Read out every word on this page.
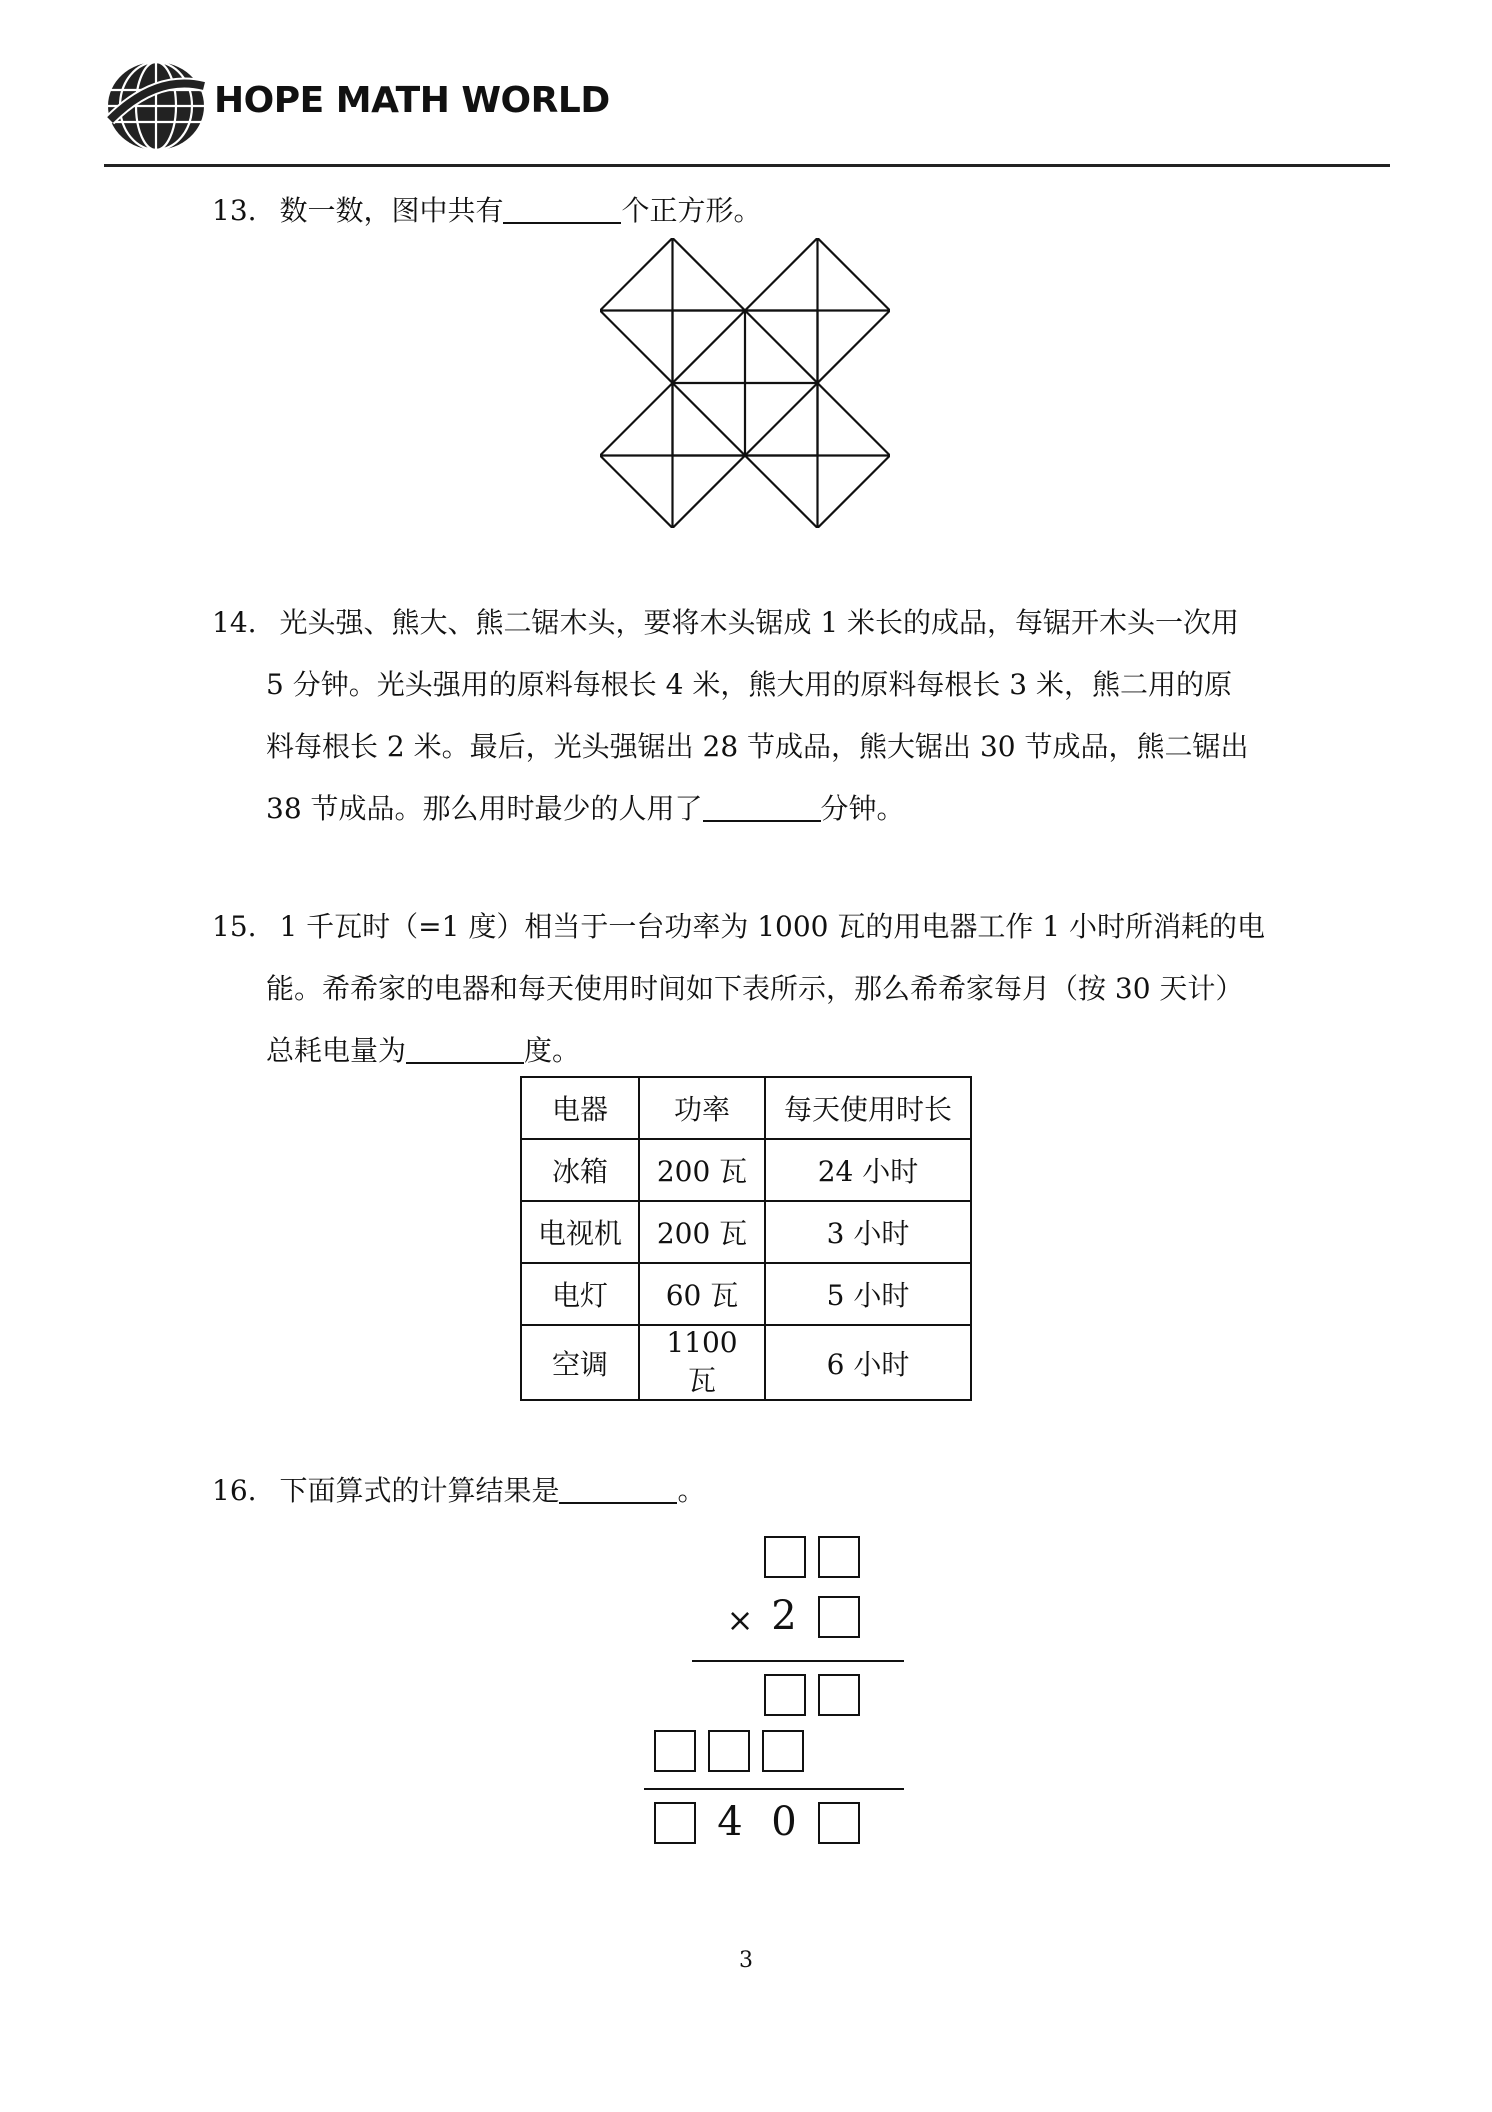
HOPE MATH WORLD
13. 数一数，图中共有	个正方形。
14. 光头强、熊大、熊二锯木头，要将木头锯成 1 米长的成品，每锯开木头一次用
5 分钟。光头强用的原料每根长 4 米，熊大用的原料每根长 3 米，熊二用的原
料每根长 2 米。最后，光头强锯出 28 节成品，熊大锯出 30 节成品，熊二锯出
38 节成品。那么用时最少的人用了	分钟。
15. 1 千瓦时（=1 度）相当于一台功率为 1000 瓦的用电器工作 1 小时所消耗的电
能。希希家的电器和每天使用时间如下表所示，那么希希家每月（按 30 天计）
总耗电量为	度。
电器	功率	每天使用时长
冰箱	200 瓦	24 小时
电视机	200 瓦	3 小时
电灯	60 瓦	5 小时
空调	1100 瓦	6 小时
16. 下面算式的计算结果是	。
× 2
4 0
3
